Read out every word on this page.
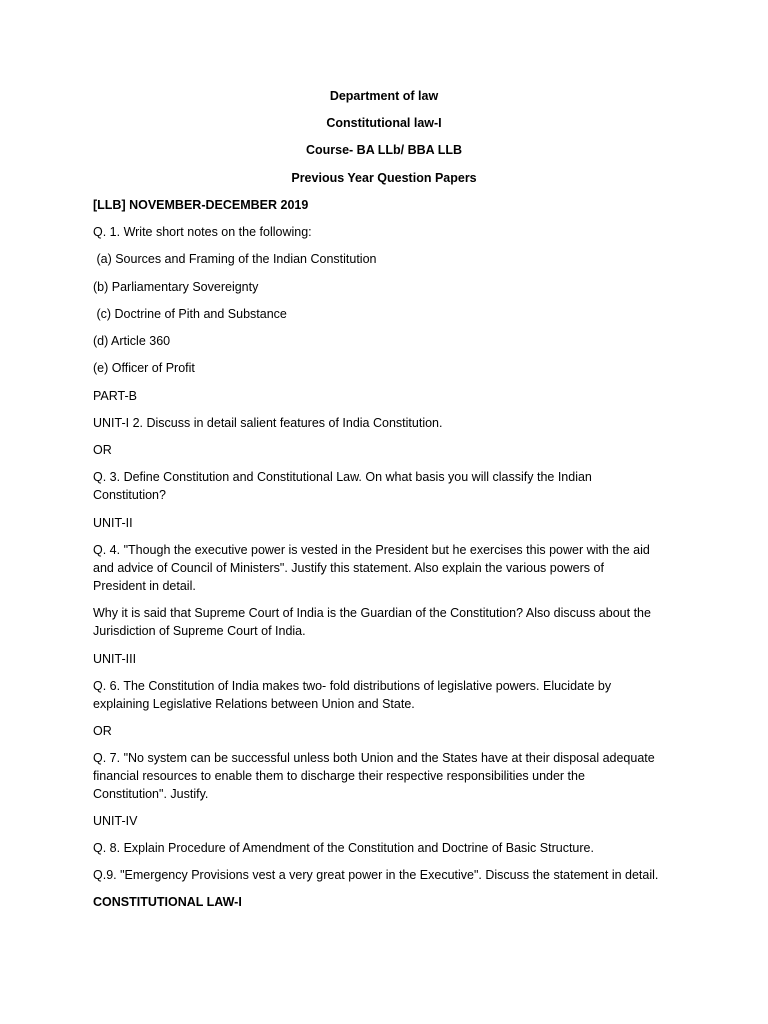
Department of law
Constitutional law-I
Course- BA LLb/ BBA LLB
Previous Year Question Papers
[LLB] NOVEMBER-DECEMBER 2019
Q. 1. Write short notes on the following:
(a) Sources and Framing of the Indian Constitution
(b) Parliamentary Sovereignty
(c) Doctrine of Pith and Substance
(d) Article 360
(e) Officer of Profit
PART-B
UNIT-I 2. Discuss in detail salient features of India Constitution.
OR
Q. 3. Define Constitution and Constitutional Law. On what basis you will classify the Indian
Constitution?
UNIT-II
Q. 4. "Though the executive power is vested in the President but he exercises this power with the aid
and advice of Council of Ministers". Justify this statement. Also explain the various powers of
President in detail.
Why it is said that Supreme Court of India is the Guardian of the Constitution? Also discuss about the
Jurisdiction of Supreme Court of India.
UNIT-III
Q. 6. The Constitution of India makes two- fold distributions of legislative powers. Elucidate by
explaining Legislative Relations between Union and State.
OR
Q. 7. "No system can be successful unless both Union and the States have at their disposal adequate
financial resources to enable them to discharge their respective responsibilities under the
Constitution". Justify.
UNIT-IV
Q. 8. Explain Procedure of Amendment of the Constitution and Doctrine of Basic Structure.
Q.9. "Emergency Provisions vest a very great power in the Executive". Discuss the statement in detail.
CONSTITUTIONAL LAW-I
